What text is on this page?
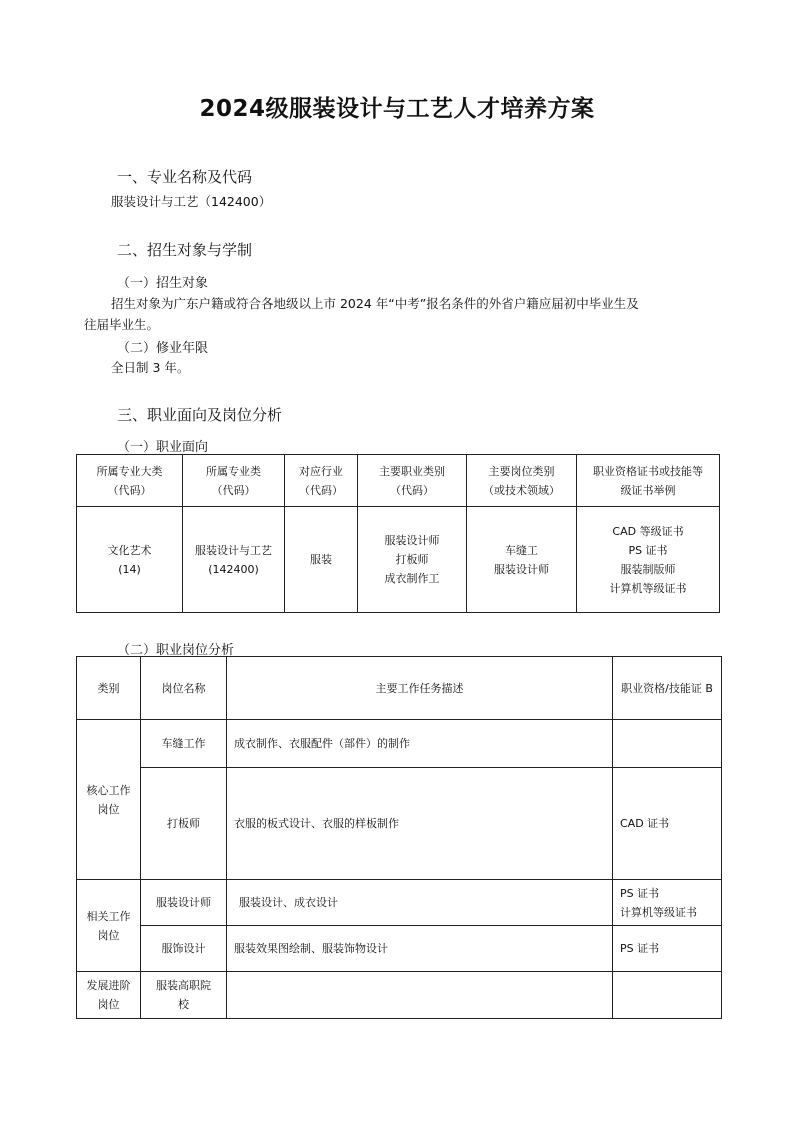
2024级服装设计与工艺人才培养方案
一、专业名称及代码
服装设计与工艺（142400）
二、招生对象与学制
（一）招生对象
招生对象为广东户籍或符合各地级以上市 2024 年“中考”报名条件的外省户籍应届初中毕业生及
往届毕业生。
（二）修业年限
全日制 3 年。
三、职业面向及岗位分析
（一）职业面向
所属专业大类
（代码）	所属专业类
（代码）	对应行业
（代码）	主要职业类别
（代码）	主要岗位类别
（或技术领域）	职业资格证书或技能等
级证书举例

文化艺术
(14)	服装设计与工艺
(142400)	服装	服装设计师
打板师
成衣制作工	车缝工
服装设计师	CAD 等级证书
PS 证书
服装制版师
计算机等级证书
（二）职业岗位分析
类别	岗位名称	主要工作任务描述	职业资格/技能证 B

核心工作
岗位	车缝工作	成衣制作、衣服配件（部件）的制作	
	打板师	衣服的板式设计、衣服的样板制作	CAD 证书

相关工作
岗位	服装设计师	服装设计、成衣设计	PS 证书
计算机等级证书

	服饰设计	服装效果图绘制、服装饰物设计	PS 证书

发展进阶
岗位	服装高职院
校		
